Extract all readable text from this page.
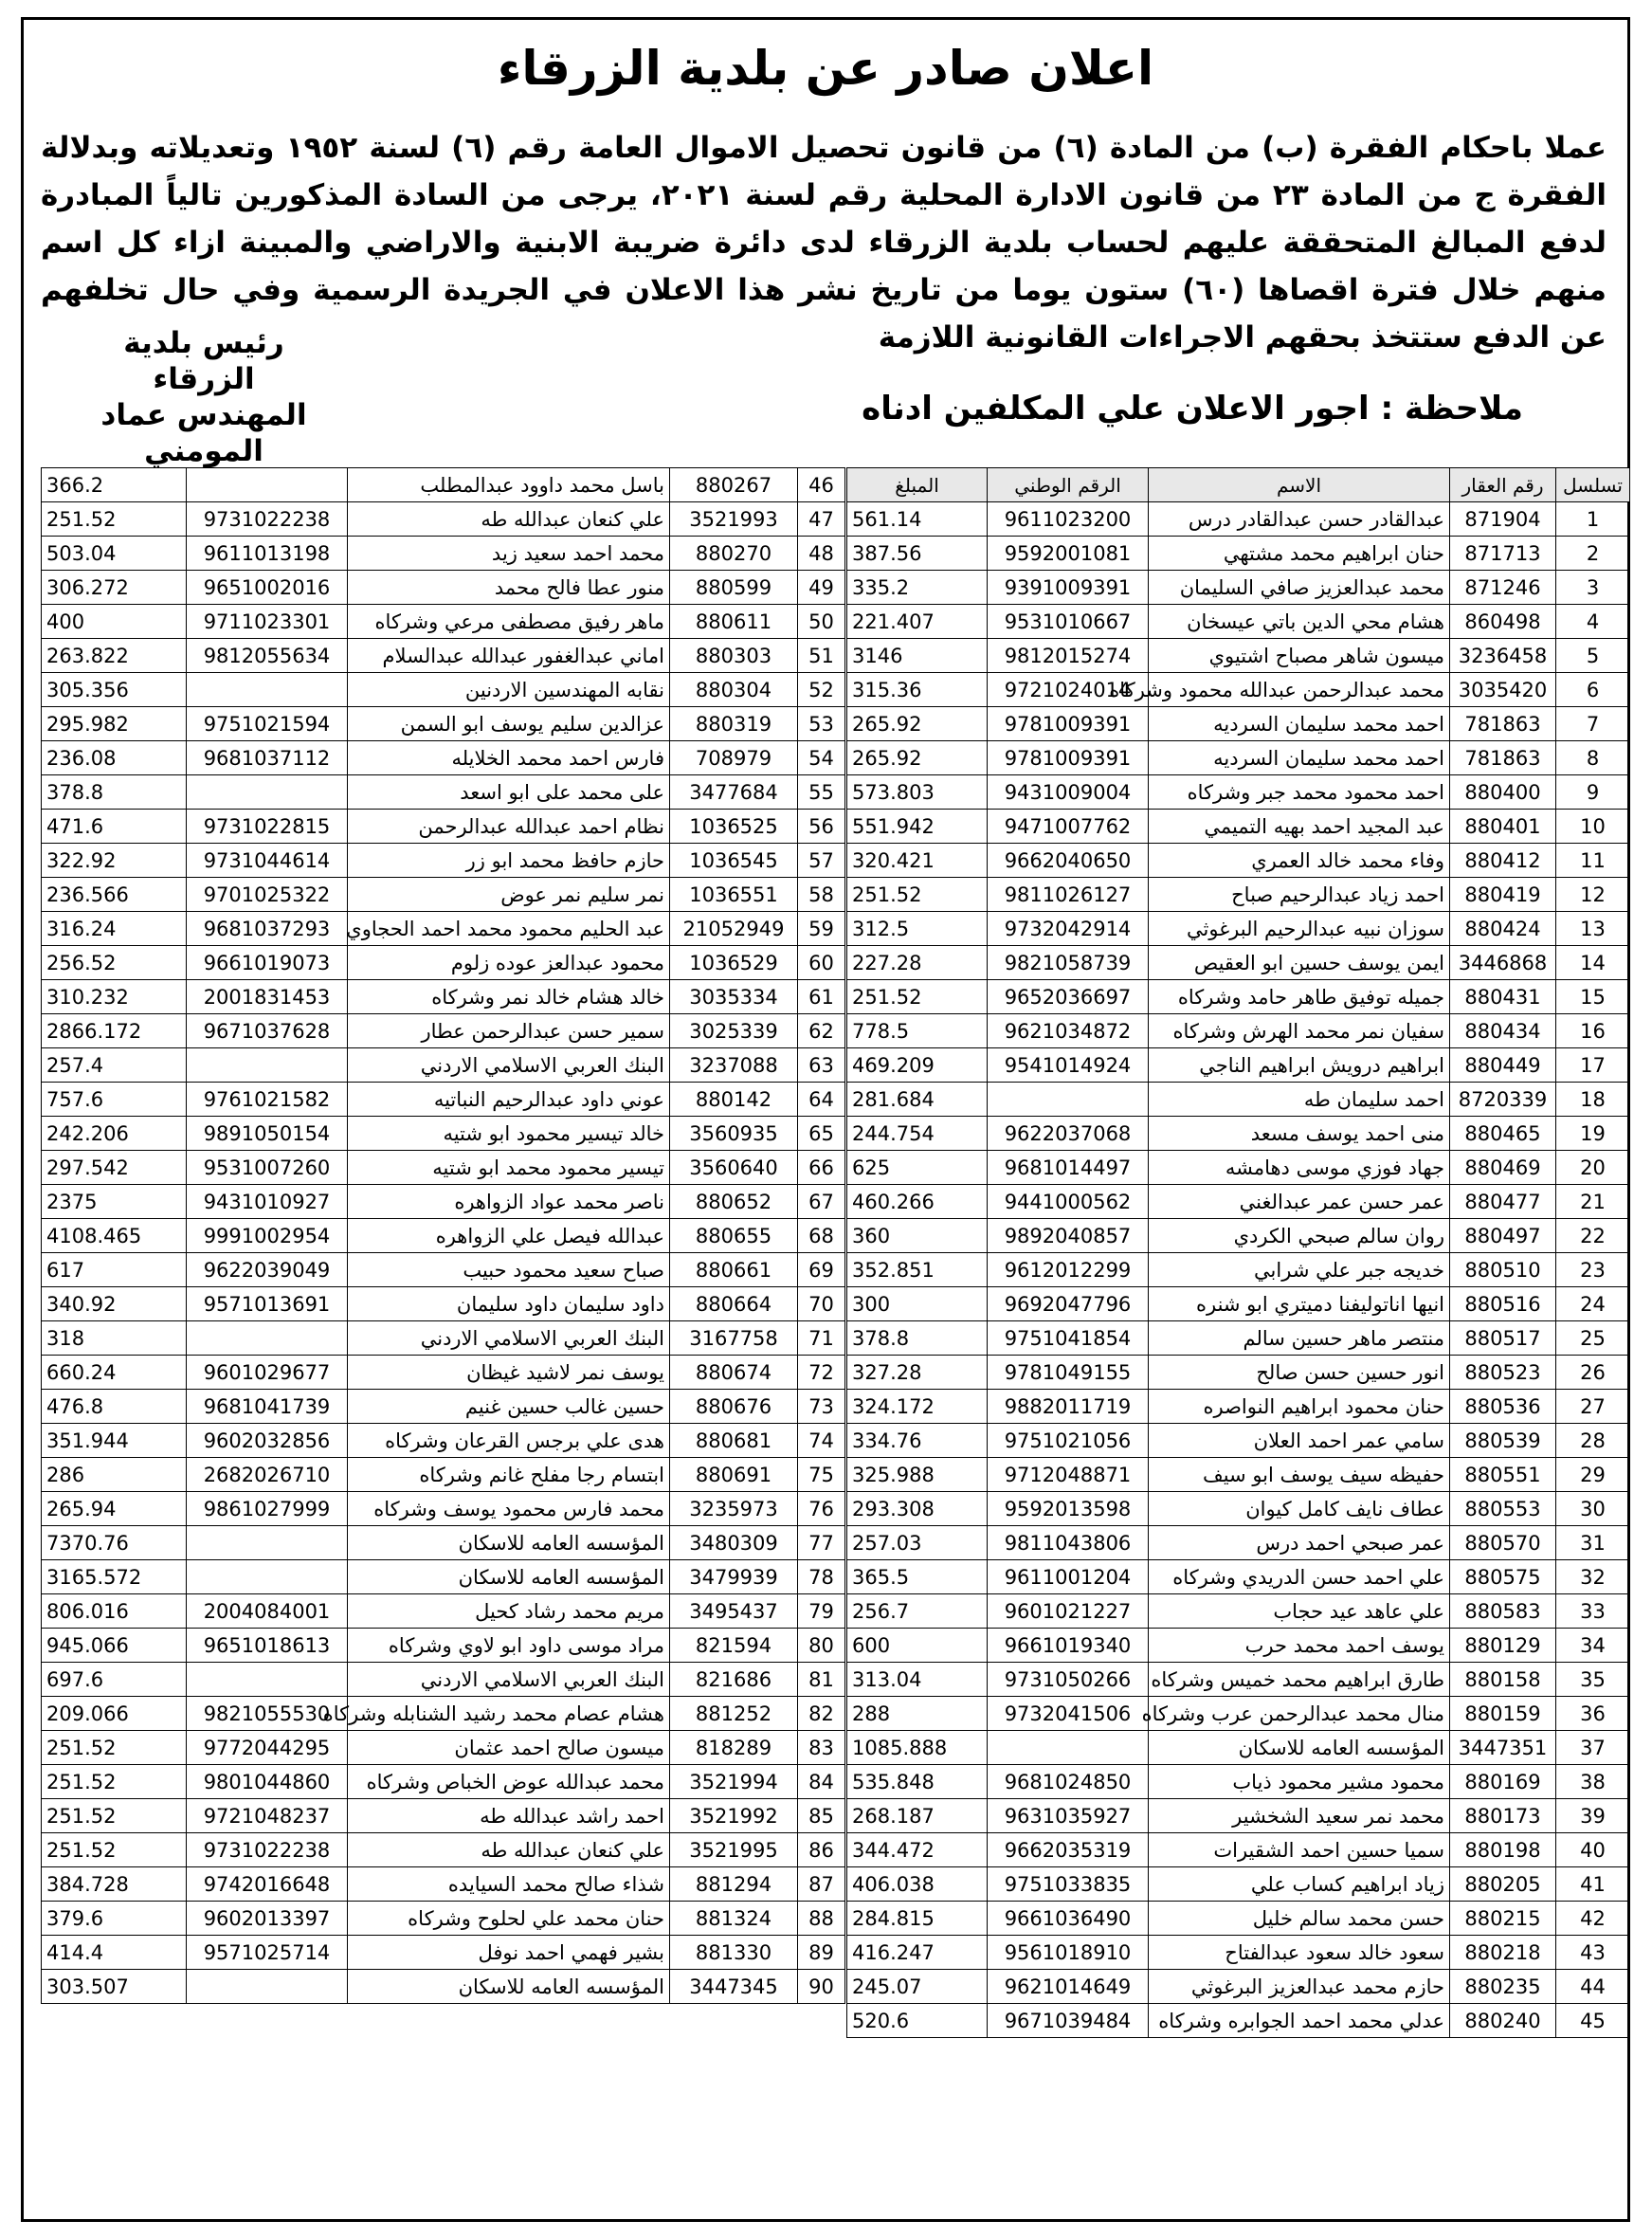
اعلان صادر عن بلدية الزرقاء
عملا باحكام الفقرة (ب) من المادة (٦) من قانون تحصيل الاموال العامة رقم (٦) لسنة ١٩٥٢ وتعديلاته وبدلالة الفقرة ج من المادة ٢٣ من قانون الادارة المحلية رقم لسنة ٢٠٢١، يرجى من السادة المذكورين تالياً المبادرة لدفع المبالغ المتحققة عليهم لحساب بلدية الزرقاء لدى دائرة ضريبة الابنية والاراضي والمبينة ازاء كل اسم منهم خلال فترة اقصاها (٦٠) ستون يوما من تاريخ نشر هذا الاعلان في الجريدة الرسمية وفي حال تخلفهم عن الدفع ستتخذ بحقهم الاجراءات القانونية اللازمة
رئيس بلدية الزرقاء
المهندس عماد المومني
ملاحظة : اجور الاعلان علي المكلفين ادناه
تسلسل	رقم العقار	الاسم	الرقم الوطني	المبلغ
1	871904	عبدالقادر حسن عبدالقادر درس	9611023200	561.14
2	871713	حنان ابراهيم محمد مشتهي	9592001081	387.56
3	871246	محمد عبدالعزيز صافي السليمان	9391009391	335.2
4	860498	هشام محي الدين باتي عيسخان	9531010667	221.407
5	3236458	ميسون شاهر مصباح اشتيوي	9812015274	3146
6	3035420	محمد عبدالرحمن عبدالله محمود وشركاه	9721024014	315.36
7	781863	احمد محمد سليمان السرديه	9781009391	265.92
8	781863	احمد محمد سليمان السرديه	9781009391	265.92
9	880400	احمد محمود محمد جبر وشركاه	9431009004	573.803
10	880401	عبد المجيد احمد بهيه التميمي	9471007762	551.942
11	880412	وفاء محمد خالد العمري	9662040650	320.421
12	880419	احمد زياد عبدالرحيم صباح	9811026127	251.52
13	880424	سوزان نبيه عبدالرحيم البرغوثي	9732042914	312.5
14	3446868	ايمن يوسف حسين ابو العقيص	9821058739	227.28
15	880431	جميله توفيق طاهر حامد وشركاه	9652036697	251.52
16	880434	سفيان نمر محمد الهرش وشركاه	9621034872	778.5
17	880449	ابراهيم درويش ابراهيم الناجي	9541014924	469.209
18	8720339	احمد سليمان طه		281.684
19	880465	منى احمد يوسف مسعد	9622037068	244.754
20	880469	جهاد فوزي موسى دهامشه	9681014497	625
21	880477	عمر حسن عمر عبدالغني	9441000562	460.266
22	880497	روان سالم صبحي الكردي	9892040857	360
23	880510	خديجه جبر علي شرابي	9612012299	352.851
24	880516	انيها اناتوليفنا دميتري ابو شنره	9692047796	300
25	880517	منتصر ماهر حسين سالم	9751041854	378.8
26	880523	انور حسين حسن صالح	9781049155	327.28
27	880536	حنان محمود ابراهيم النواصره	9882011719	324.172
28	880539	سامي عمر احمد العلان	9751021056	334.76
29	880551	حفيظه سيف يوسف ابو سيف	9712048871	325.988
30	880553	عطاف نايف كامل كيوان	9592013598	293.308
31	880570	عمر صبحي احمد درس	9811043806	257.03
32	880575	علي احمد حسن الدريدي وشركاه	9611001204	365.5
33	880583	علي عاهد عيد حجاب	9601021227	256.7
34	880129	يوسف احمد محمد حرب	9661019340	600
35	880158	طارق ابراهيم محمد خميس وشركاه	9731050266	313.04
36	880159	منال محمد عبدالرحمن عرب وشركاه	9732041506	288
37	3447351	المؤسسه العامه للاسكان		1085.888
38	880169	محمود مشير محمود ذياب	9681024850	535.848
39	880173	محمد نمر سعيد الشخشير	9631035927	268.187
40	880198	سميا حسين احمد الشقيرات	9662035319	344.472
41	880205	زياد ابراهيم كساب علي	9751033835	406.038
42	880215	حسن محمد سالم خليل	9661036490	284.815
43	880218	سعود خالد سعود عبدالفتاح	9561018910	416.247
44	880235	حازم محمد عبدالعزيز البرغوثي	9621014649	245.07
45	880240	عدلي محمد احمد الجوابره وشركاه	9671039484	520.6
46	880267	باسل محمد داوود عبدالمطلب		366.2
47	3521993	علي كنعان عبدالله طه	9731022238	251.52
48	880270	محمد احمد سعيد زيد	9611013198	503.04
49	880599	منور عطا فالح محمد	9651002016	306.272
50	880611	ماهر رفيق مصطفى مرعي وشركاه	9711023301	400
51	880303	اماني عبدالغفور عبدالله عبدالسلام	9812055634	263.822
52	880304	نقابه المهندسين الاردنين		305.356
53	880319	عزالدين سليم يوسف ابو السمن	9751021594	295.982
54	708979	فارس احمد محمد الخلايله	9681037112	236.08
55	3477684	على محمد على ابو اسعد		378.8
56	1036525	نظام احمد عبدالله عبدالرحمن	9731022815	471.6
57	1036545	حازم حافظ محمد ابو زر	9731044614	322.92
58	1036551	نمر سليم نمر عوض	9701025322	236.566
59	21052949	عبد الحليم محمود محمد احمد الحجاوي	9681037293	316.24
60	1036529	محمود عبدالعز عوده زلوم	9661019073	256.52
61	3035334	خالد هشام خالد نمر وشركاه	2001831453	310.232
62	3025339	سمير حسن عبدالرحمن عطار	9671037628	2866.172
63	3237088	البنك العربي الاسلامي الاردني		257.4
64	880142	عوني داود عبدالرحيم النباتيه	9761021582	757.6
65	3560935	خالد تيسير محمود ابو شتيه	9891050154	242.206
66	3560640	تيسير محمود محمد ابو شتيه	9531007260	297.542
67	880652	ناصر محمد عواد الزواهره	9431010927	2375
68	880655	عبدالله فيصل علي الزواهره	9991002954	4108.465
69	880661	صباح سعيد محمود حبيب	9622039049	617
70	880664	داود سليمان داود سليمان	9571013691	340.92
71	3167758	البنك العربي الاسلامي الاردني		318
72	880674	يوسف نمر لاشيد غيظان	9601029677	660.24
73	880676	حسين غالب حسين غنيم	9681041739	476.8
74	880681	هدى علي برجس القرعان وشركاه	9602032856	351.944
75	880691	ابتسام رجا مفلح غانم وشركاه	2682026710	286
76	3235973	محمد فارس محمود يوسف وشركاه	9861027999	265.94
77	3480309	المؤسسه العامه للاسكان		7370.76
78	3479939	المؤسسه العامه للاسكان		3165.572
79	3495437	مريم محمد رشاد كحيل	2004084001	806.016
80	821594	مراد موسى داود ابو لاوي وشركاه	9651018613	945.066
81	821686	البنك العربي الاسلامي الاردني		697.6
82	881252	هشام عصام محمد رشيد الشنابله وشركاه	9821055530	209.066
83	818289	ميسون صالح احمد عثمان	9772044295	251.52
84	3521994	محمد عبدالله عوض الخباص وشركاه	9801044860	251.52
85	3521992	احمد راشد عبدالله طه	9721048237	251.52
86	3521995	علي كنعان عبدالله طه	9731022238	251.52
87	881294	شذاء صالح محمد السيايده	9742016648	384.728
88	881324	حنان محمد علي لحلوح وشركاه	9602013397	379.6
89	881330	بشير فهمي احمد نوفل	9571025714	414.4
90	3447345	المؤسسه العامه للاسكان		303.507
